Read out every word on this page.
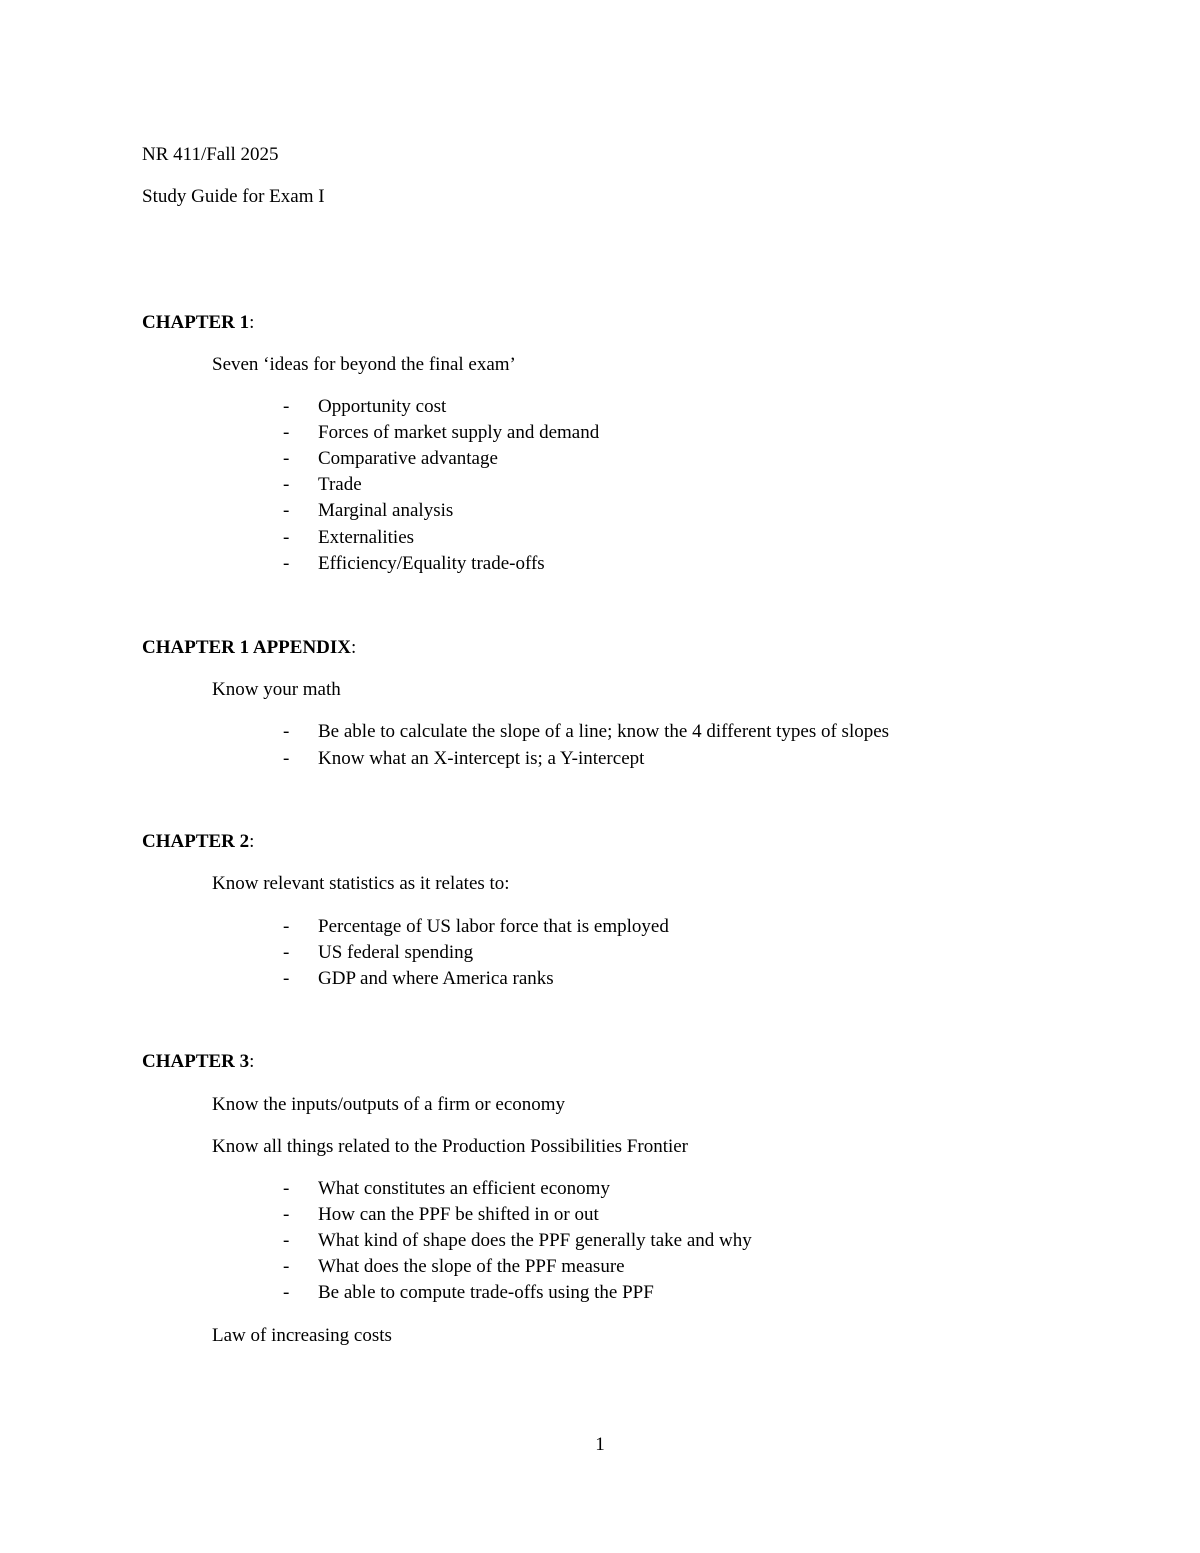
NR 411/Fall 2025
Study Guide for Exam I
CHAPTER 1:
Seven ‘ideas for beyond the final exam’
- Opportunity cost
- Forces of market supply and demand
- Comparative advantage
- Trade
- Marginal analysis
- Externalities
- Efficiency/Equality trade-offs
CHAPTER 1 APPENDIX:
Know your math
- Be able to calculate the slope of a line; know the 4 different types of slopes
- Know what an X-intercept is; a Y-intercept
CHAPTER 2:
Know relevant statistics as it relates to:
- Percentage of US labor force that is employed
- US federal spending
- GDP and where America ranks
CHAPTER 3:
Know the inputs/outputs of a firm or economy
Know all things related to the Production Possibilities Frontier
- What constitutes an efficient economy
- How can the PPF be shifted in or out
- What kind of shape does the PPF generally take and why
- What does the slope of the PPF measure
- Be able to compute trade-offs using the PPF
Law of increasing costs
1
